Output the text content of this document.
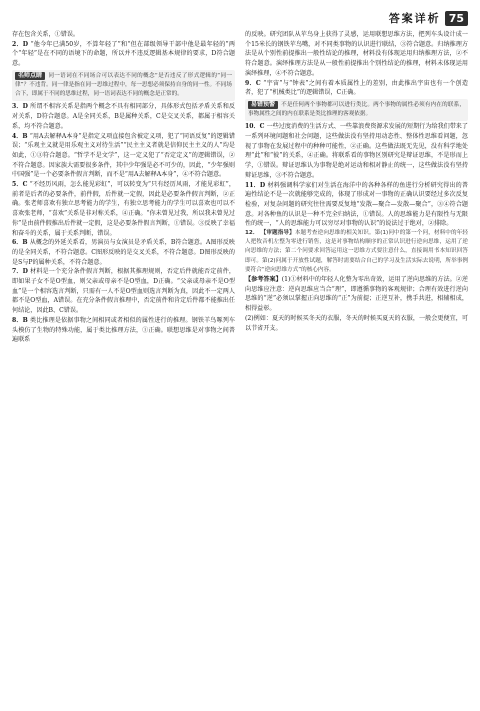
答案详析 75

存在包含关系，①错误。

2．D “他今年已满50岁，不算年轻了”和“但在部级领导干部中他是最年轻的”两个“年轻”是在不同的语境下的命题，所以并不违反逻辑基本规律的要求，D符合题意。

名师点睛 同一语词在不同场合可以表达不同的概念“是否违反了形式逻辑的“同一律”？不违背。同一律是指在同一思维过程中，每一思想必须保持自身的同一性。不同场合下，即属于不同的思维过程，同一语词表达不同的概念是正常的。

3．D 所谓不相容关系是指两个概念不具有相同部分，具体形式包括矛盾关系和反对关系，D符合题意。A是全同关系，B是属种关系，C是交叉关系，都属于相容关系，均不符合题意。

4．B “用A去解释A本身”是指定义项直接包含被定义项，犯了“同语反复”的逻辑错误；“乐观主义就是用乐观主义对待生活”“民主主义者就是信仰民主主义的人”均是如此，①③符合题意。“哲学不是文学”，这一定义犯了“否定定义”的逻辑错误，②不符合题意。因家族大需要很多条件，其中少年强是必不可少的，因此，“少年强则中国强”是一个必要条件假言判断，而不是“用A去解释A本身”，④不符合题意。

5．C “不经历风雨，怎么能见彩虹”，可以转变为“只有经历风雨，才能见彩虹”，前者是后者的必要条件，前件假，后件就一定假，因此是必要条件假言判断，②正确。张老师喜欢有独立思考能力的学生，有独立思考能力的学生可以喜欢也可以不喜欢张老师，“喜欢”关系是非对称关系，④正确。“你未曾见过我，所以我未曾见过你”是由前件假推出后件就一定假，这是必要条件假言判断，①错误。③反映了幸福和奋斗的关系，属于关系判断，错误。

6．B 从概念的外延关系看，男演员与女演员是矛盾关系，B符合题意。A图形反映的是全同关系，不符合题意。C图形反映的是交叉关系，不符合题意。D图形反映的是S与P的属种关系，不符合题意。

7．D 材料是一个充分条件假言判断，根据其推理规则，否定后件就能否定前件，即如果子女不是O型血，则父亲或母亲不是O型血，D正确。“父亲或母亲不是O型血”是一个相容选言判断，只需有一人不是O型血则选言判断为真，因此不一定两人都不是O型血，A错误。在充分条件假言推理中，否定前件和肯定后件都不能推出任何结论，因此B、C错误。

8．B 类比推理是依据事物之间相同或者相似的属性进行的推理。钢铁羊鸟啄列车头模仿了生物的特殊功能，属于类比推理方法，①正确。联想思维是对事物之间普遍联系

的反映。研究团队从苹鸟身上获得了灵感，运用联想思维方法，把列车头设计成一个15米长的钢铁苹鸟嘴，对不同类事物的认识进行联结，③符合题意。归纳推理方法是从个别性前提推出一般性结论的推理，材料没有体现运用归纳推理方法，②不符合题意。演绎推理方法是从一般性前提推出个别性结论的推理，材料未体现运用演绎推理，④不符合题意。

9．C “宇宙”与“钟表”之间有着本质属性上的差别，由此推出宇宙也有一个创造者，犯了“机械类比”的逻辑错误，C正确。

易错预警 不是任何两个事物都可以进行类比。两个事物的属性必须有内在的联系，事物属性之间的内在联系是类比推理的客观依据。

10．C 一些过度消费的生活方式、一些靠浪费资源求发展的短期行为给我们带来了一系列环境问题和社会问题，这些做法没有坚持用动态性、整体性思维看问题，忽视了事物在发展过程中的种种可能性，②正确。这些做法既无先见，没有科学地处理“此”和“彼”的关系，④正确。将联系看的事物区别研究是辩证思维，不是形而上学，①错误。辩证思维认为事物是绝对运动和相对静止的统一，这些做法没有坚持辩证思维，③不符合题意。

11．D 材料强调科学家们对生活在海洋中的各种各样的鱼进行分析研究得出的普遍性结论不是一次就能够完成的，体现了形成对一事物的正确认识要经过多次反复检验，对复杂问题的研究往往需要反复地“发散—聚合—发散—聚合”，③④符合题意。对各种鱼的认识是一种不完全归纳法，①错误。人的思维能力是有限性与无限性的统一，“人的思维能力可以穷尽对事物的认识”的说法过于绝对，②排除。

12． 【审题指导】本题考查逆向思维的相关知识。第(1)问中的第一个问，材料中的年轻人把牧音机左整为零进行销售，这是对事物结构顺序的正常认识进行逆向思维，运用了逆向思维的方法；第二个问要求回答运用这一思维方式要注意什么，直接调用书本知识回答即可。第(2)问属于开放性试题，解答时需要结合自己的学习及生活实际去说明，所举事例要符合“逆向思维方式”的核心内容。

【参考答案】(1)①材料中的年轻人化整为零出奇效，运用了逆向思维的方法。②逆向思维应注意：逆向思维应当合“理”，即遵循事物的客观规律；合理有效进行逆向思维的“逆”必须以掌握正向思维的“正”为前提；正逆互补，携手共进，相辅相成，相得益彰。

(2)例如：夏天的时候买冬天的衣服，冬天的时候买夏天的衣服，一般会更便宜，可以节省开支。
